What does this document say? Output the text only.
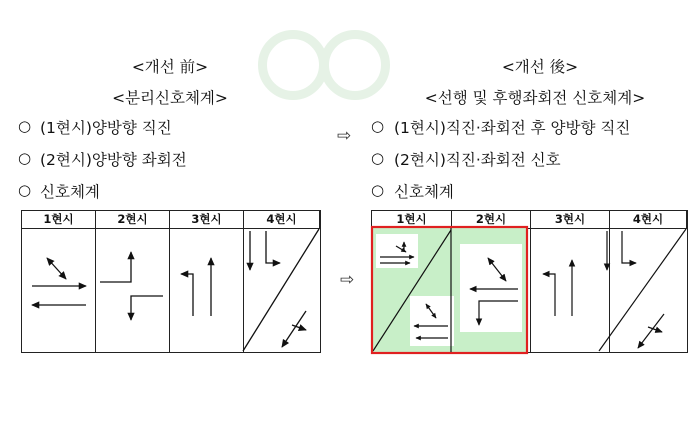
<개선 前>
<분리신호체계>
○ (1현시)양방향 직진
○ (2현시)양방향 좌회전
○ 신호체계
1현시	2현시	3현시	4현시
⇨
⇨
<개선 後>
<선행 및 후행좌회전 신호체계>
○ (1현시)직진·좌회전 후 양방향 직진
○ (2현시)직진·좌회전 신호
○ 신호체계
1현시	2현시	3현시	4현시
